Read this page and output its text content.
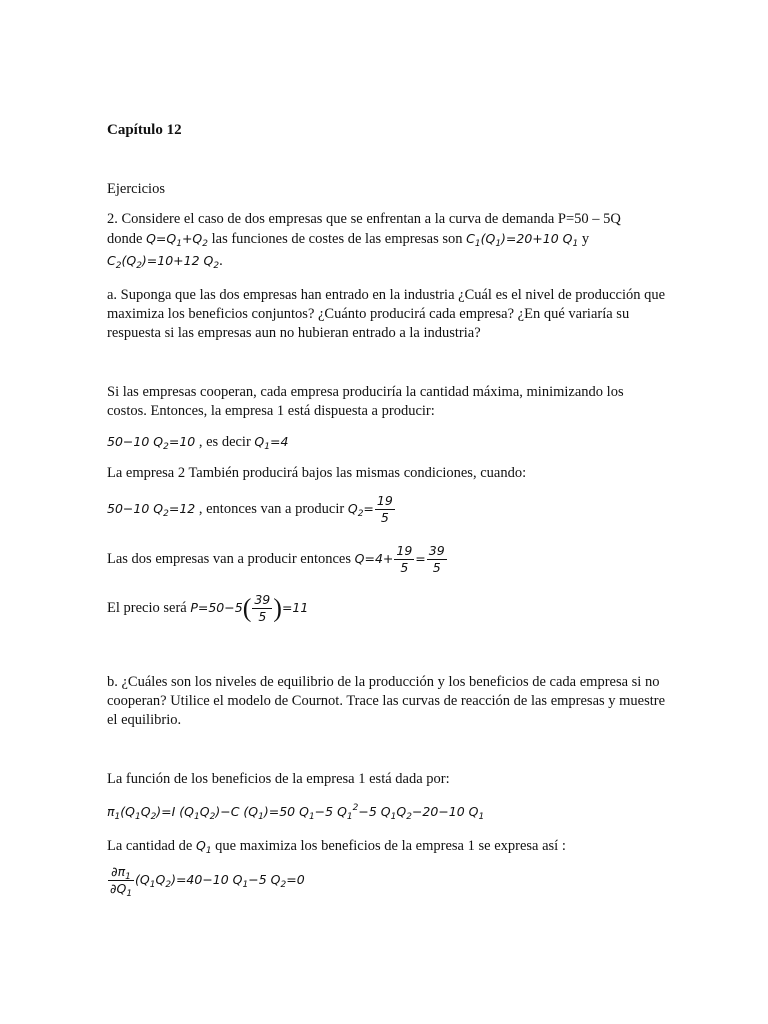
Capítulo 12
Ejercicios
2. Considere el caso de dos empresas que se enfrentan a la curva de demanda P=50 – 5Q
donde $Q=Q_1+Q_2$ las funciones de costes de las empresas son $C_1(Q_1)=20+10$ $Q_1$ y
$C_2(Q_2)=10+12$ $Q_2$.

a. Suponga que las dos empresas han entrado en la industria ¿Cuál es el nivel de producción que maximiza los beneficios conjuntos? ¿Cuánto producirá cada empresa? ¿En qué variaría su respuesta si las empresas aun no hubieran entrado a la industria?

Si las empresas cooperan, cada empresa produciría la cantidad máxima, minimizando los costos. Entonces, la empresa 1 está dispuesta a producir:

50−10 $Q_2=10$ , es decir $Q_1=4$
La empresa 2 También producirá bajos las mismas condiciones, cuando:
50−10 $Q_2=12$ , entonces van a producir $Q_2= \frac{19}{5}$
Las dos empresas van a producir entonces $Q=4+ \frac{19}{5} = \frac{39}{5}$
El precio será $P=50-5( \frac{39}{5} )=11$

b. ¿Cuáles son los niveles de equilibrio de la producción y los beneficios de cada empresa si no cooperan? Utilice el modelo de Cournot. Trace las curvas de reacción de las empresas y muestre el equilibrio.

La función de los beneficios de la empresa 1 está dada por:
$\pi_1(Q_1Q_2)=I$ $(Q_1Q_2)-C$ $(Q_1)=50$ $Q_1-5$ $Q_1^2-5$ $Q_1Q_2-20-10$ $Q_1$
La cantidad de $Q_1$ que maximiza los beneficios de la empresa 1 se expresa así :
$\frac{\partial\pi_1}{\partial Q_1} (Q_1Q_2)=40-10$ $Q_1-5$ $Q_2=0$
